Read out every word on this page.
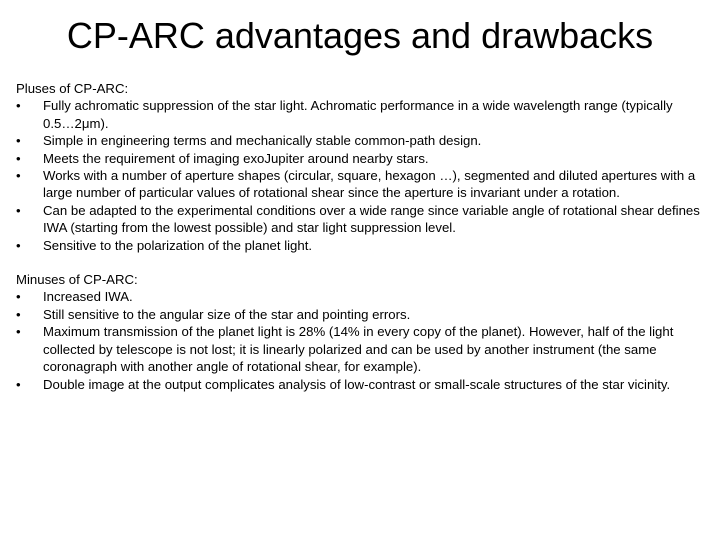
CP-ARC advantages and drawbacks

Pluses of CP-ARC:

• Fully achromatic suppression of the star light. Achromatic performance in a wide wavelength range (typically 0.5…2μm).
• Simple in engineering terms and mechanically stable common-path design.
• Meets the requirement of imaging exoJupiter around nearby stars.
• Works with a number of aperture shapes (circular, square, hexagon …), segmented and diluted apertures with a large number of particular values of rotational shear since the aperture is invariant under a rotation.
• Can be adapted to the experimental conditions over a wide range since variable angle of rotational shear defines IWA (starting from the lowest possible) and star light suppression level.
• Sensitive to the polarization of the planet light.

Minuses of CP-ARC:

• Increased IWA.
• Still sensitive to the angular size of the star and pointing errors.
• Maximum transmission of the planet light is 28% (14% in every copy of the planet). However, half of the light collected by telescope is not lost; it is linearly polarized and can be used by another instrument (the same coronagraph with another angle of rotational shear, for example).
• Double image at the output complicates analysis of low-contrast or small-scale structures of the star vicinity.
